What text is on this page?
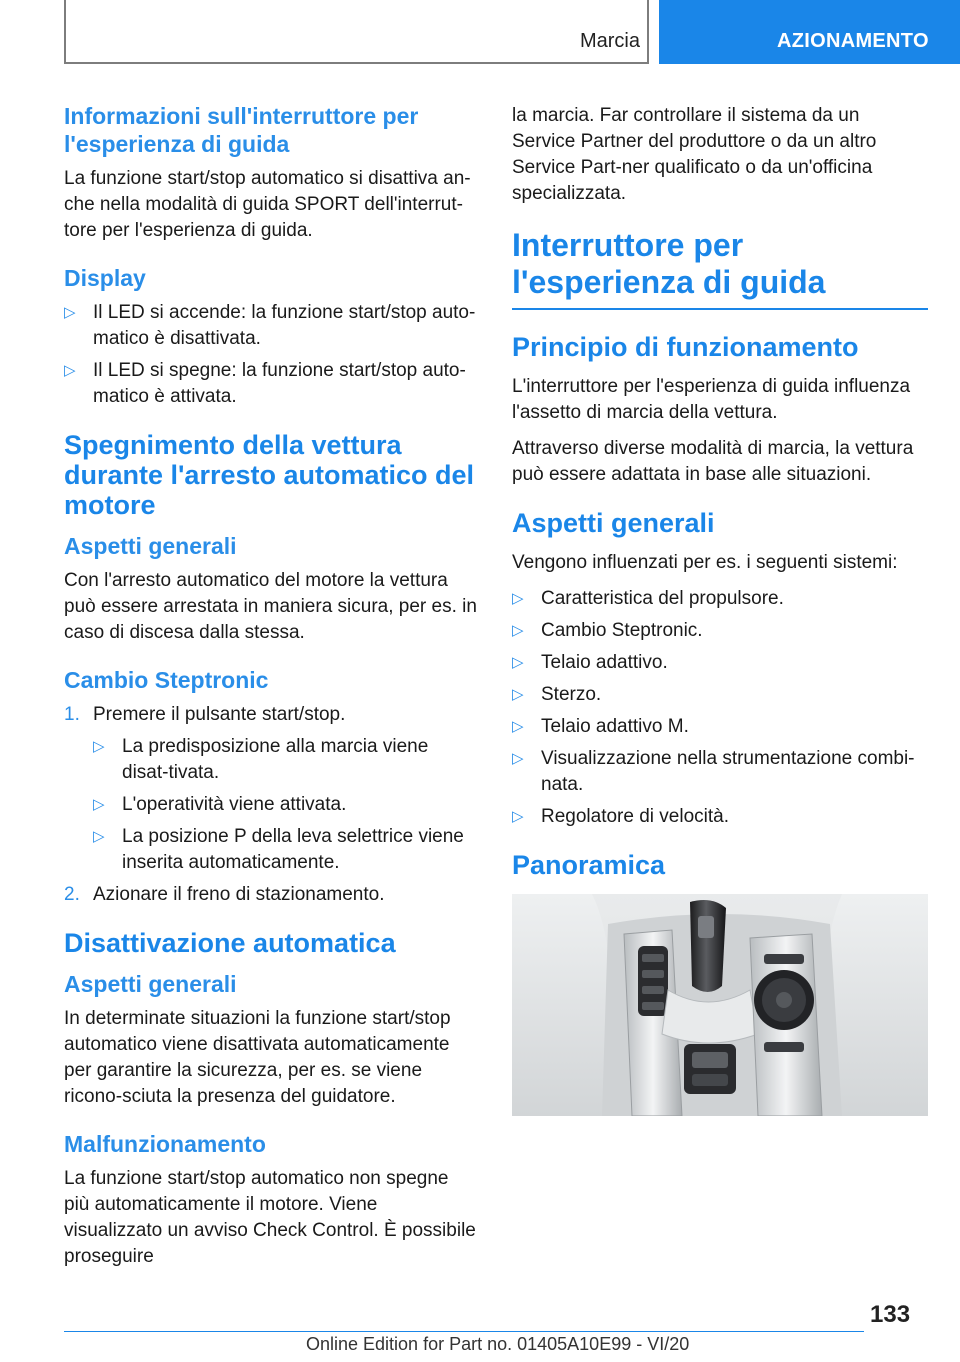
Marcia	AZIONAMENTO
Informazioni sull'interruttore per l'esperienza di guida

La funzione start/stop automatico si disattiva an-che nella modalità di guida SPORT dell'interrut-tore per l'esperienza di guida.

Display
▷ Il LED si accende: la funzione start/stop auto-matico è disattivata.
▷ Il LED si spegne: la funzione start/stop auto-matico è attivata.
Spegnimento della vettura durante l'arresto automatico del motore
Aspetti generali

Con l'arresto automatico del motore la vettura può essere arrestata in maniera sicura, per es. in caso di discesa dalla stessa.

Cambio Steptronic
1. Premere il pulsante start/stop.
▷ La predisposizione alla marcia viene disat-tivata.
▷ L'operatività viene attivata.
▷ La posizione P della leva selettrice viene inserita automaticamente.
2. Azionare il freno di stazionamento.
Disattivazione automatica
Aspetti generali

In determinate situazioni la funzione start/stop automatico viene disattivata automaticamente per garantire la sicurezza, per es. se viene ricono-sciuta la presenza del guidatore.

Malfunzionamento

La funzione start/stop automatico non spegne più automaticamente il motore. Viene visualizzato un avviso Check Control. È possibile proseguire

la marcia. Far controllare il sistema da un Service Partner del produttore o da un altro Service Part-ner qualificato o da un'officina specializzata.

Interruttore per l'esperienza di guida
Principio di funzionamento

L'interruttore per l'esperienza di guida influenza l'assetto di marcia della vettura.

Attraverso diverse modalità di marcia, la vettura può essere adattata in base alle situazioni.

Aspetti generali

Vengono influenzati per es. i seguenti sistemi:

▷ Caratteristica del propulsore.
▷ Cambio Steptronic.
▷ Telaio adattivo.
▷ Sterzo.
▷ Telaio adattivo M.
▷ Visualizzazione nella strumentazione combi-nata.
▷ Regolatore di velocità.
Panoramica
133
Online Edition for Part no. 01405A10E99 - VI/20
